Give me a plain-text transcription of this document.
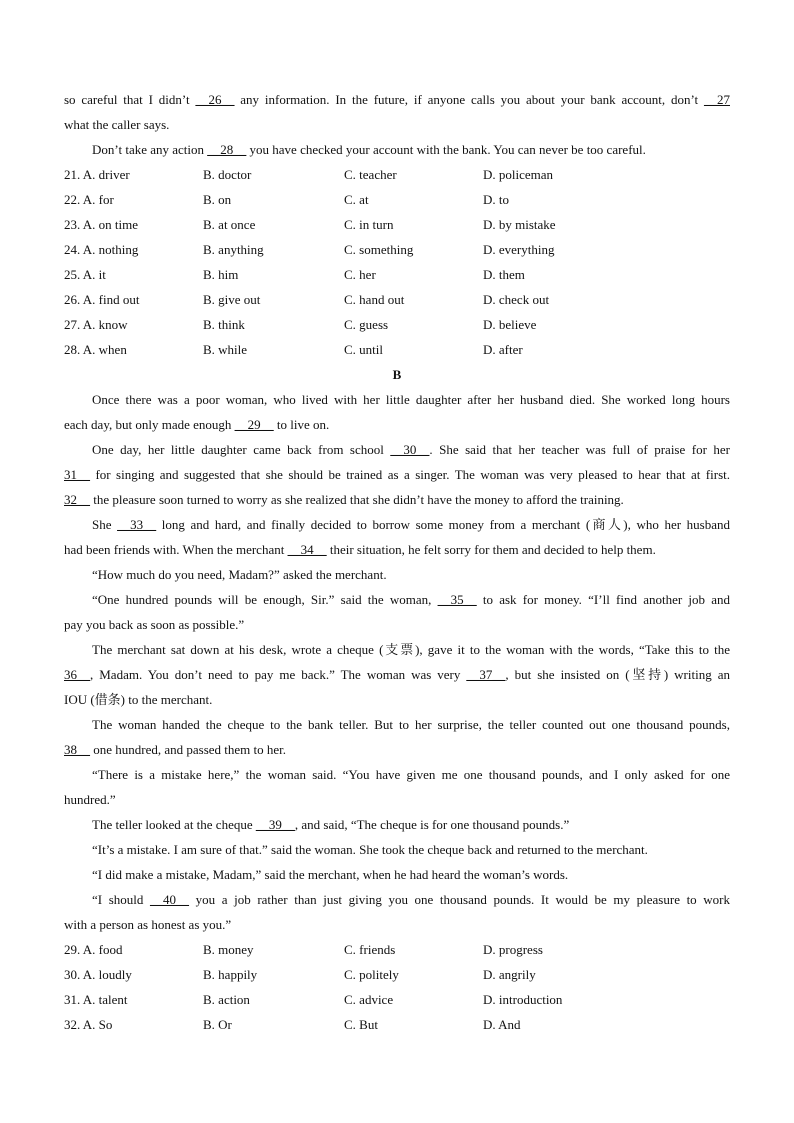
so careful that I didn’t __26__ any information. In the future, if anyone calls you about your bank account, don’t __27
what the caller says.
Don’t take any action __28__ you have checked your account with the bank. You can never be too careful.
21. A. driver	B. doctor	C. teacher	D. policeman
22. A. for	B. on	C. at	D. to
23. A. on time	B. at once	C. in turn	D. by mistake
24. A. nothing	B. anything	C. something	D. everything
25. A. it	B. him	C. her	D. them
26. A. find out	B. give out	C. hand out	D. check out
27. A. know	B. think	C. guess	D. believe
28. A. when	B. while	C. until	D. after
B
Once there was a poor woman, who lived with her little daughter after her husband died. She worked long hours
each day, but only made enough __29__ to live on.
One day, her little daughter came back from school __30__. She said that her teacher was full of praise for her
31__ for singing and suggested that she should be trained as a singer. The woman was very pleased to hear that at first.
32__ the pleasure soon turned to worry as she realized that she didn’t have the money to afford the training.
She __33__ long and hard, and finally decided to borrow some money from a merchant (商人), who her husband
had been friends with. When the merchant __34__ their situation, he felt sorry for them and decided to help them.
“How much do you need, Madam?” asked the merchant.
“One hundred pounds will be enough, Sir.” said the woman, __35__ to ask for money. “I’ll find another job and
pay you back as soon as possible.”
The merchant sat down at his desk, wrote a cheque (支票), gave it to the woman with the words, “Take this to the
36__, Madam. You don’t need to pay me back.” The woman was very __37__, but she insisted on (坚持) writing an
IOU (借条) to the merchant.
The woman handed the cheque to the bank teller. But to her surprise, the teller counted out one thousand pounds,
38__ one hundred, and passed them to her.
“There is a mistake here,” the woman said. “You have given me one thousand pounds, and I only asked for one
hundred.”
The teller looked at the cheque __39__, and said, “The cheque is for one thousand pounds.”
“It’s a mistake. I am sure of that.” said the woman. She took the cheque back and returned to the merchant.
“I did make a mistake, Madam,” said the merchant, when he had heard the woman’s words.
“I should __40__ you a job rather than just giving you one thousand pounds. It would be my pleasure to work
with a person as honest as you.”
29. A. food	B. money	C. friends	D. progress
30. A. loudly	B. happily	C. politely	D. angrily
31. A. talent	B. action	C. advice	D. introduction
32. A. So	B. Or	C. But	D. And
